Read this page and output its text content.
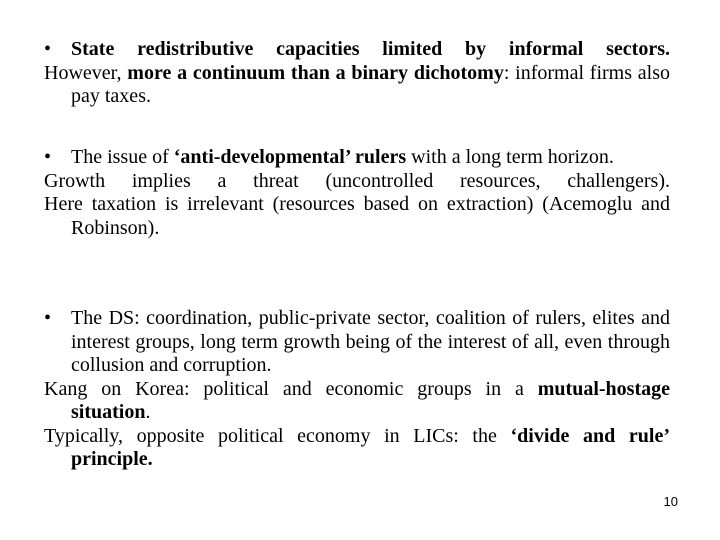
• State redistributive capacities limited by informal sectors.
However, more a continuum than a binary dichotomy: informal firms also pay taxes.
• The issue of ‘anti-developmental’ rulers with a long term horizon.
Growth implies a threat (uncontrolled resources, challengers).
Here taxation is irrelevant (resources based on extraction) (Acemoglu and Robinson).
• The DS: coordination, public-private sector, coalition of rulers, elites and interest groups, long term growth being of the interest of all, even through collusion and corruption.
Kang on Korea: political and economic groups in a mutual-hostage situation.
Typically, opposite political economy in LICs: the ‘divide and rule’ principle.
10
